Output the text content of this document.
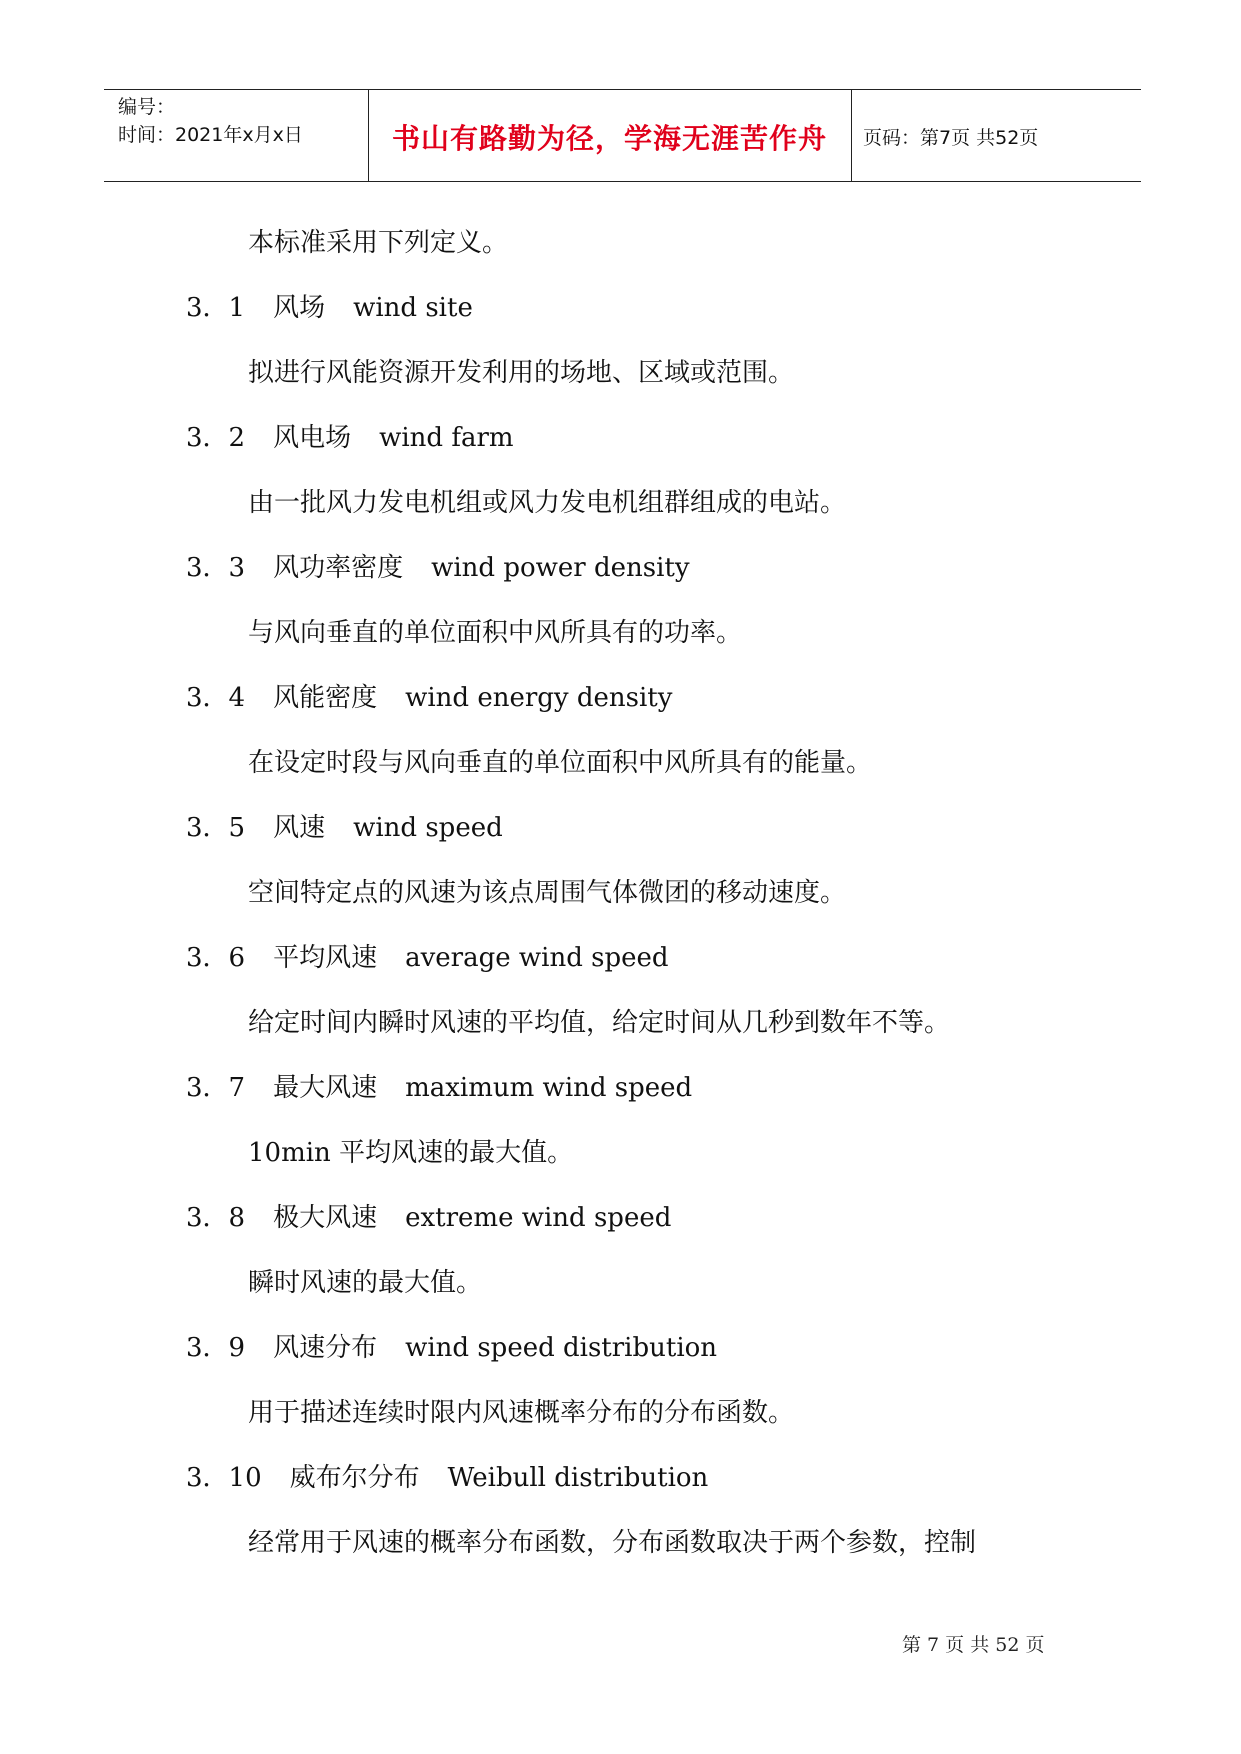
编号：
时间：2021年x月x日	书山有路勤为径，学海无涯苦作舟	页码：第7页 共52页
本标准采用下列定义。
3．1 风场 wind site
拟进行风能资源开发利用的场地、区域或范围。
3．2 风电场 wind farm
由一批风力发电机组或风力发电机组群组成的电站。
3．3 风功率密度 wind power density
与风向垂直的单位面积中风所具有的功率。
3．4 风能密度 wind energy density
在设定时段与风向垂直的单位面积中风所具有的能量。
3．5 风速 wind speed
空间特定点的风速为该点周围气体微团的移动速度。
3．6 平均风速 average wind speed
给定时间内瞬时风速的平均值，给定时间从几秒到数年不等。
3．7 最大风速 maximum wind speed
10min 平均风速的最大值。
3．8 极大风速 extreme wind speed
瞬时风速的最大值。
3．9 风速分布 wind speed distribution
用于描述连续时限内风速概率分布的分布函数。
3．10 威布尔分布 Weibull distribution
经常用于风速的概率分布函数，分布函数取决于两个参数，控制
第 7 页 共 52 页
